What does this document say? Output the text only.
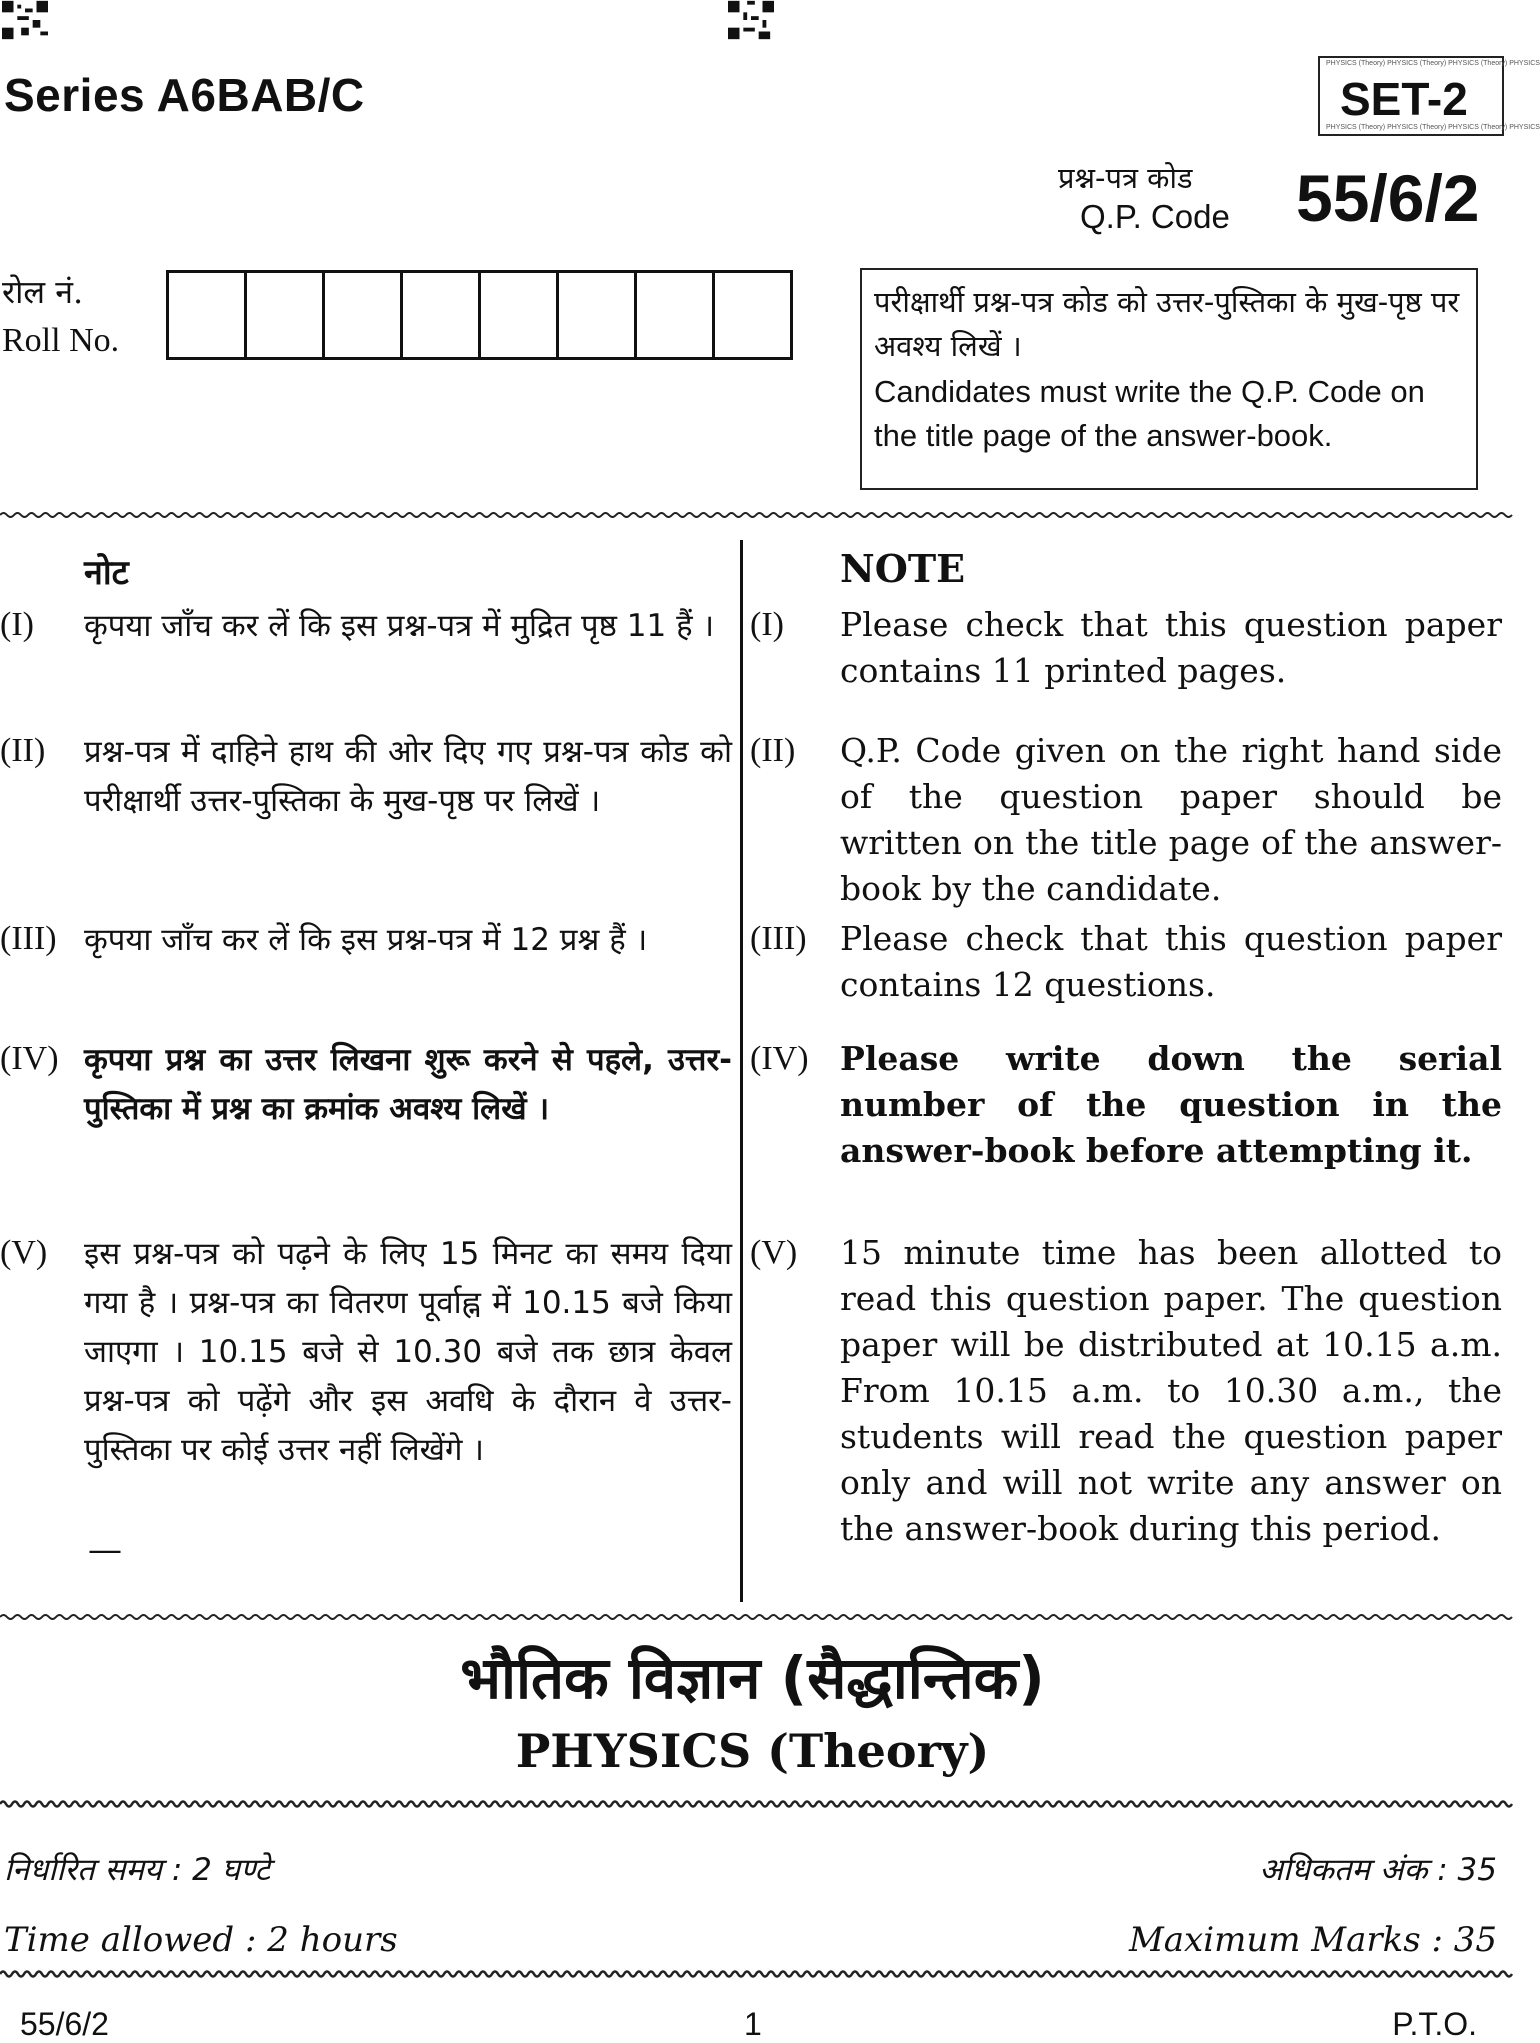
Series A6BAB/C
PHYSICS (Theory) PHYSICS (Theory) PHYSICS (Theory) PHYSICS
SET-2
PHYSICS (Theory) PHYSICS (Theory) PHYSICS (Theory) PHYSICS
प्रश्न-पत्र कोड
Q.P. Code 55/6/2
रोल नं.
Roll No.
परीक्षार्थी प्रश्न-पत्र कोड को उत्तर-पुस्तिका के मुख-पृष्ठ पर अवश्य लिखें ।
Candidates must write the Q.P. Code on the title page of the answer-book.
नोट	NOTE
(I) कृपया जाँच कर लें कि इस प्रश्न-पत्र में मुद्रित पृष्ठ 11 हैं ।
(II) प्रश्न-पत्र में दाहिने हाथ की ओर दिए गए प्रश्न-पत्र कोड को परीक्षार्थी उत्तर-पुस्तिका के मुख-पृष्ठ पर लिखें ।
(III) कृपया जाँच कर लें कि इस प्रश्न-पत्र में 12 प्रश्न हैं ।
(IV) कृपया प्रश्न का उत्तर लिखना शुरू करने से पहले, उत्तर-पुस्तिका में प्रश्न का क्रमांक अवश्य लिखें ।
(V) इस प्रश्न-पत्र को पढ़ने के लिए 15 मिनट का समय दिया गया है । प्रश्न-पत्र का वितरण पूर्वाह्न में 10.15 बजे किया जाएगा । 10.15 बजे से 10.30 बजे तक छात्र केवल प्रश्न-पत्र को पढ़ेंगे और इस अवधि के दौरान वे उत्तर-पुस्तिका पर कोई उत्तर नहीं लिखेंगे ।
—
(I) Please check that this question paper contains 11 printed pages.
(II) Q.P. Code given on the right hand side of the question paper should be written on the title page of the answer-book by the candidate.
(III) Please check that this question paper contains 12 questions.
(IV) Please write down the serial number of the question in the answer-book before attempting it.
(V) 15 minute time has been allotted to read this question paper. The question paper will be distributed at 10.15 a.m. From 10.15 a.m. to 10.30 a.m., the students will read the question paper only and will not write any answer on the answer-book during this period.
भौतिक विज्ञान (सैद्धान्तिक)
PHYSICS (Theory)
निर्धारित समय : 2 घण्टे	अधिकतम अंक : 35
Time allowed : 2 hours	Maximum Marks : 35
55/6/2	1	P.T.O.
